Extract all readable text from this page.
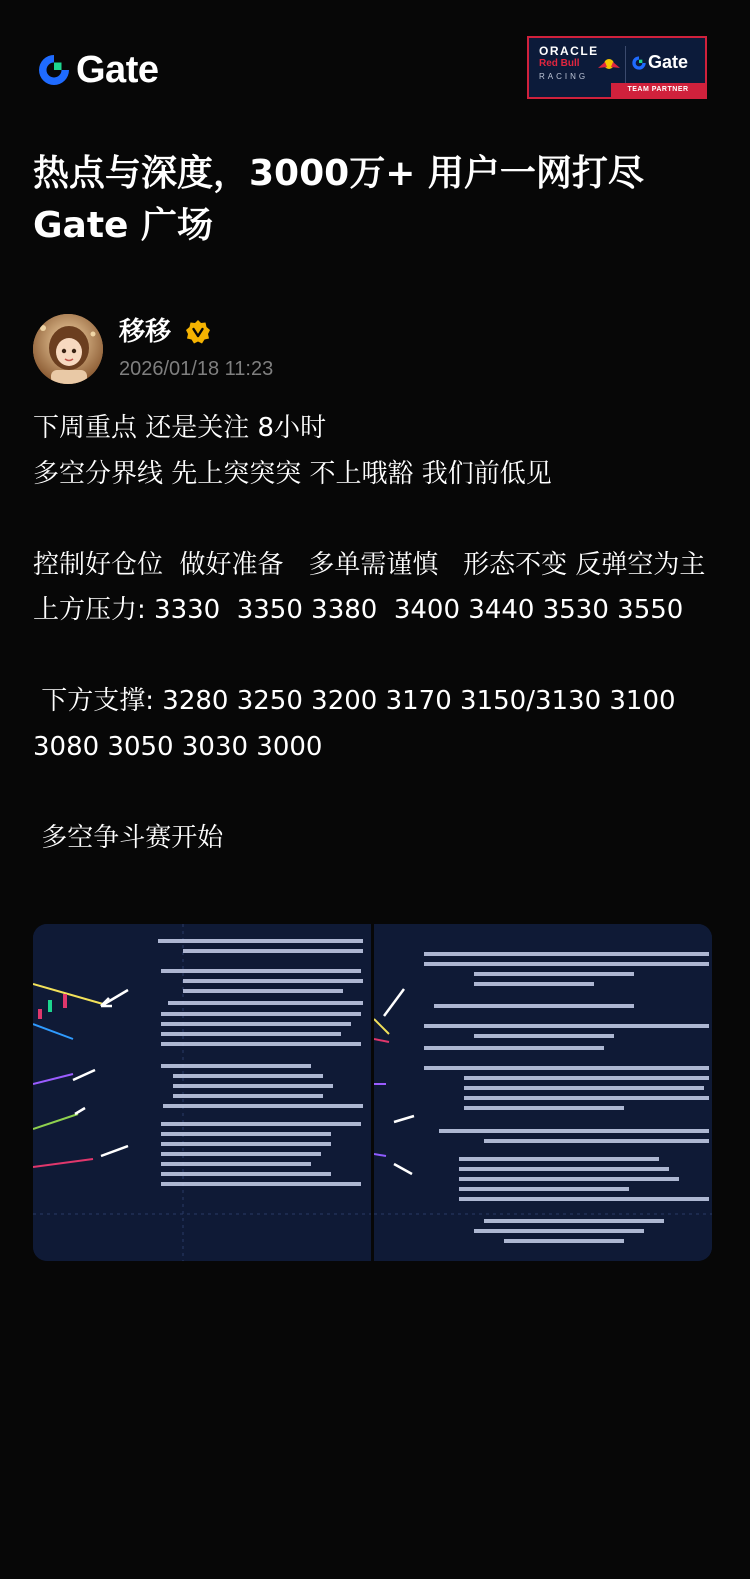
Gate	ORACLE
Red Bull
RACING
Gate
TEAM PARTNER
热点与深度，3000万+ 用户一网打尽 Gate 广场
移移
2026/01/18 11:23

下周重点 还是关注 8小时

多空分界线 先上突突突 不上哦豁 我们前低见

控制好仓位  做好准备   多单需谨慎   形态不变 反弹空为主

上方压力: 3330  3350 3380  3400 3440 3530 3550

下方支撑: 3280 3250 3200 3170 3150/3130 3100 3080 3050 3030 3000

多空争斗赛开始
